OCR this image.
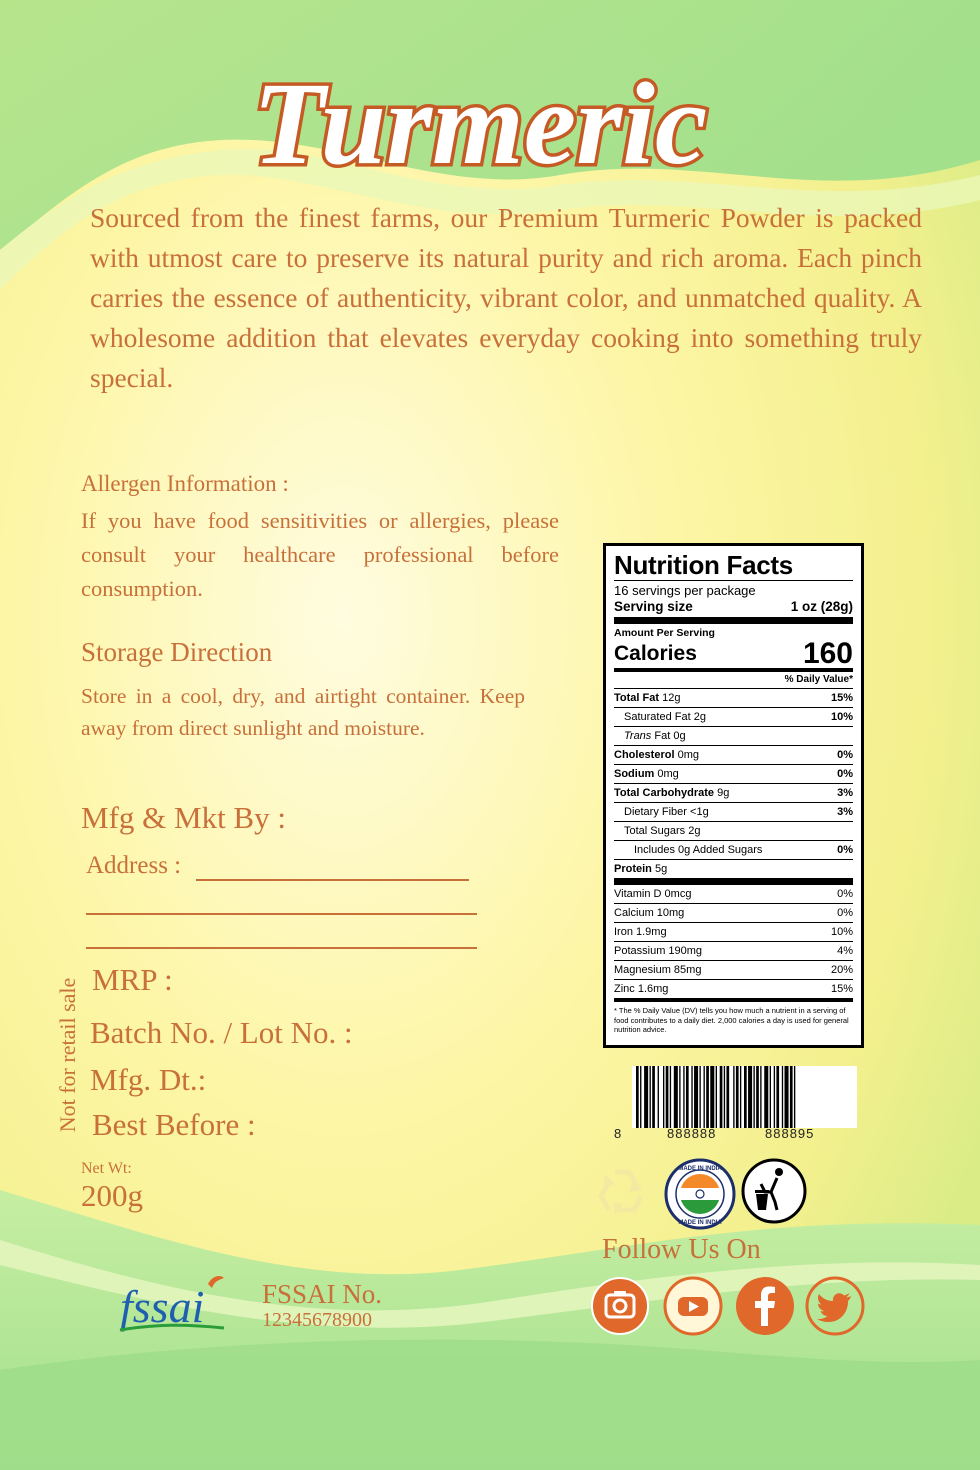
Turmeric
Sourced from the finest farms, our Premium Turmeric Powder is packed with utmost care to preserve its natural purity and rich aroma. Each pinch carries the essence of authenticity, vibrant color, and unmatched quality. A wholesome addition that elevates everyday cooking into something truly special.
Allergen Information :
If you have food sensitivities or allergies, please consult your healthcare professional before consumption.
Storage Direction
Store in a cool, dry, and airtight container. Keep away from direct sunlight and moisture.
Mfg & Mkt By :
Address :
Not for retail sale MRP :
Batch No. / Lot No. :
Mfg. Dt.:
Best Before :
Net Wt:
200g
fssai FSSAI No.
12345678900
Nutrition Facts
16 servings per package
Serving size	1 oz (28g)
Amount Per Serving
Calories	160
% Daily Value*
Total Fat 12g	15%
Saturated Fat 2g	10%
Trans Fat 0g
Cholesterol 0mg	0%
Sodium 0mg	0%
Total Carbohydrate 9g	3%
Dietary Fiber <1g	3%
Total Sugars 2g
Includes 0g Added Sugars	0%
Protein 5g
Vitamin D 0mcg	0%
Calcium 10mg	0%
Iron 1.9mg	10%
Potassium 190mg	4%
Magnesium 85mg	20%
Zinc 1.6mg	15%
* The % Daily Value (DV) tells you how much a nutrient in a serving of food contributes to a daily diet. 2,000 calories a day is used for general nutrition advice.
8	888888	888895
MADE IN INDIA
MADE IN INDIA
Follow Us On
